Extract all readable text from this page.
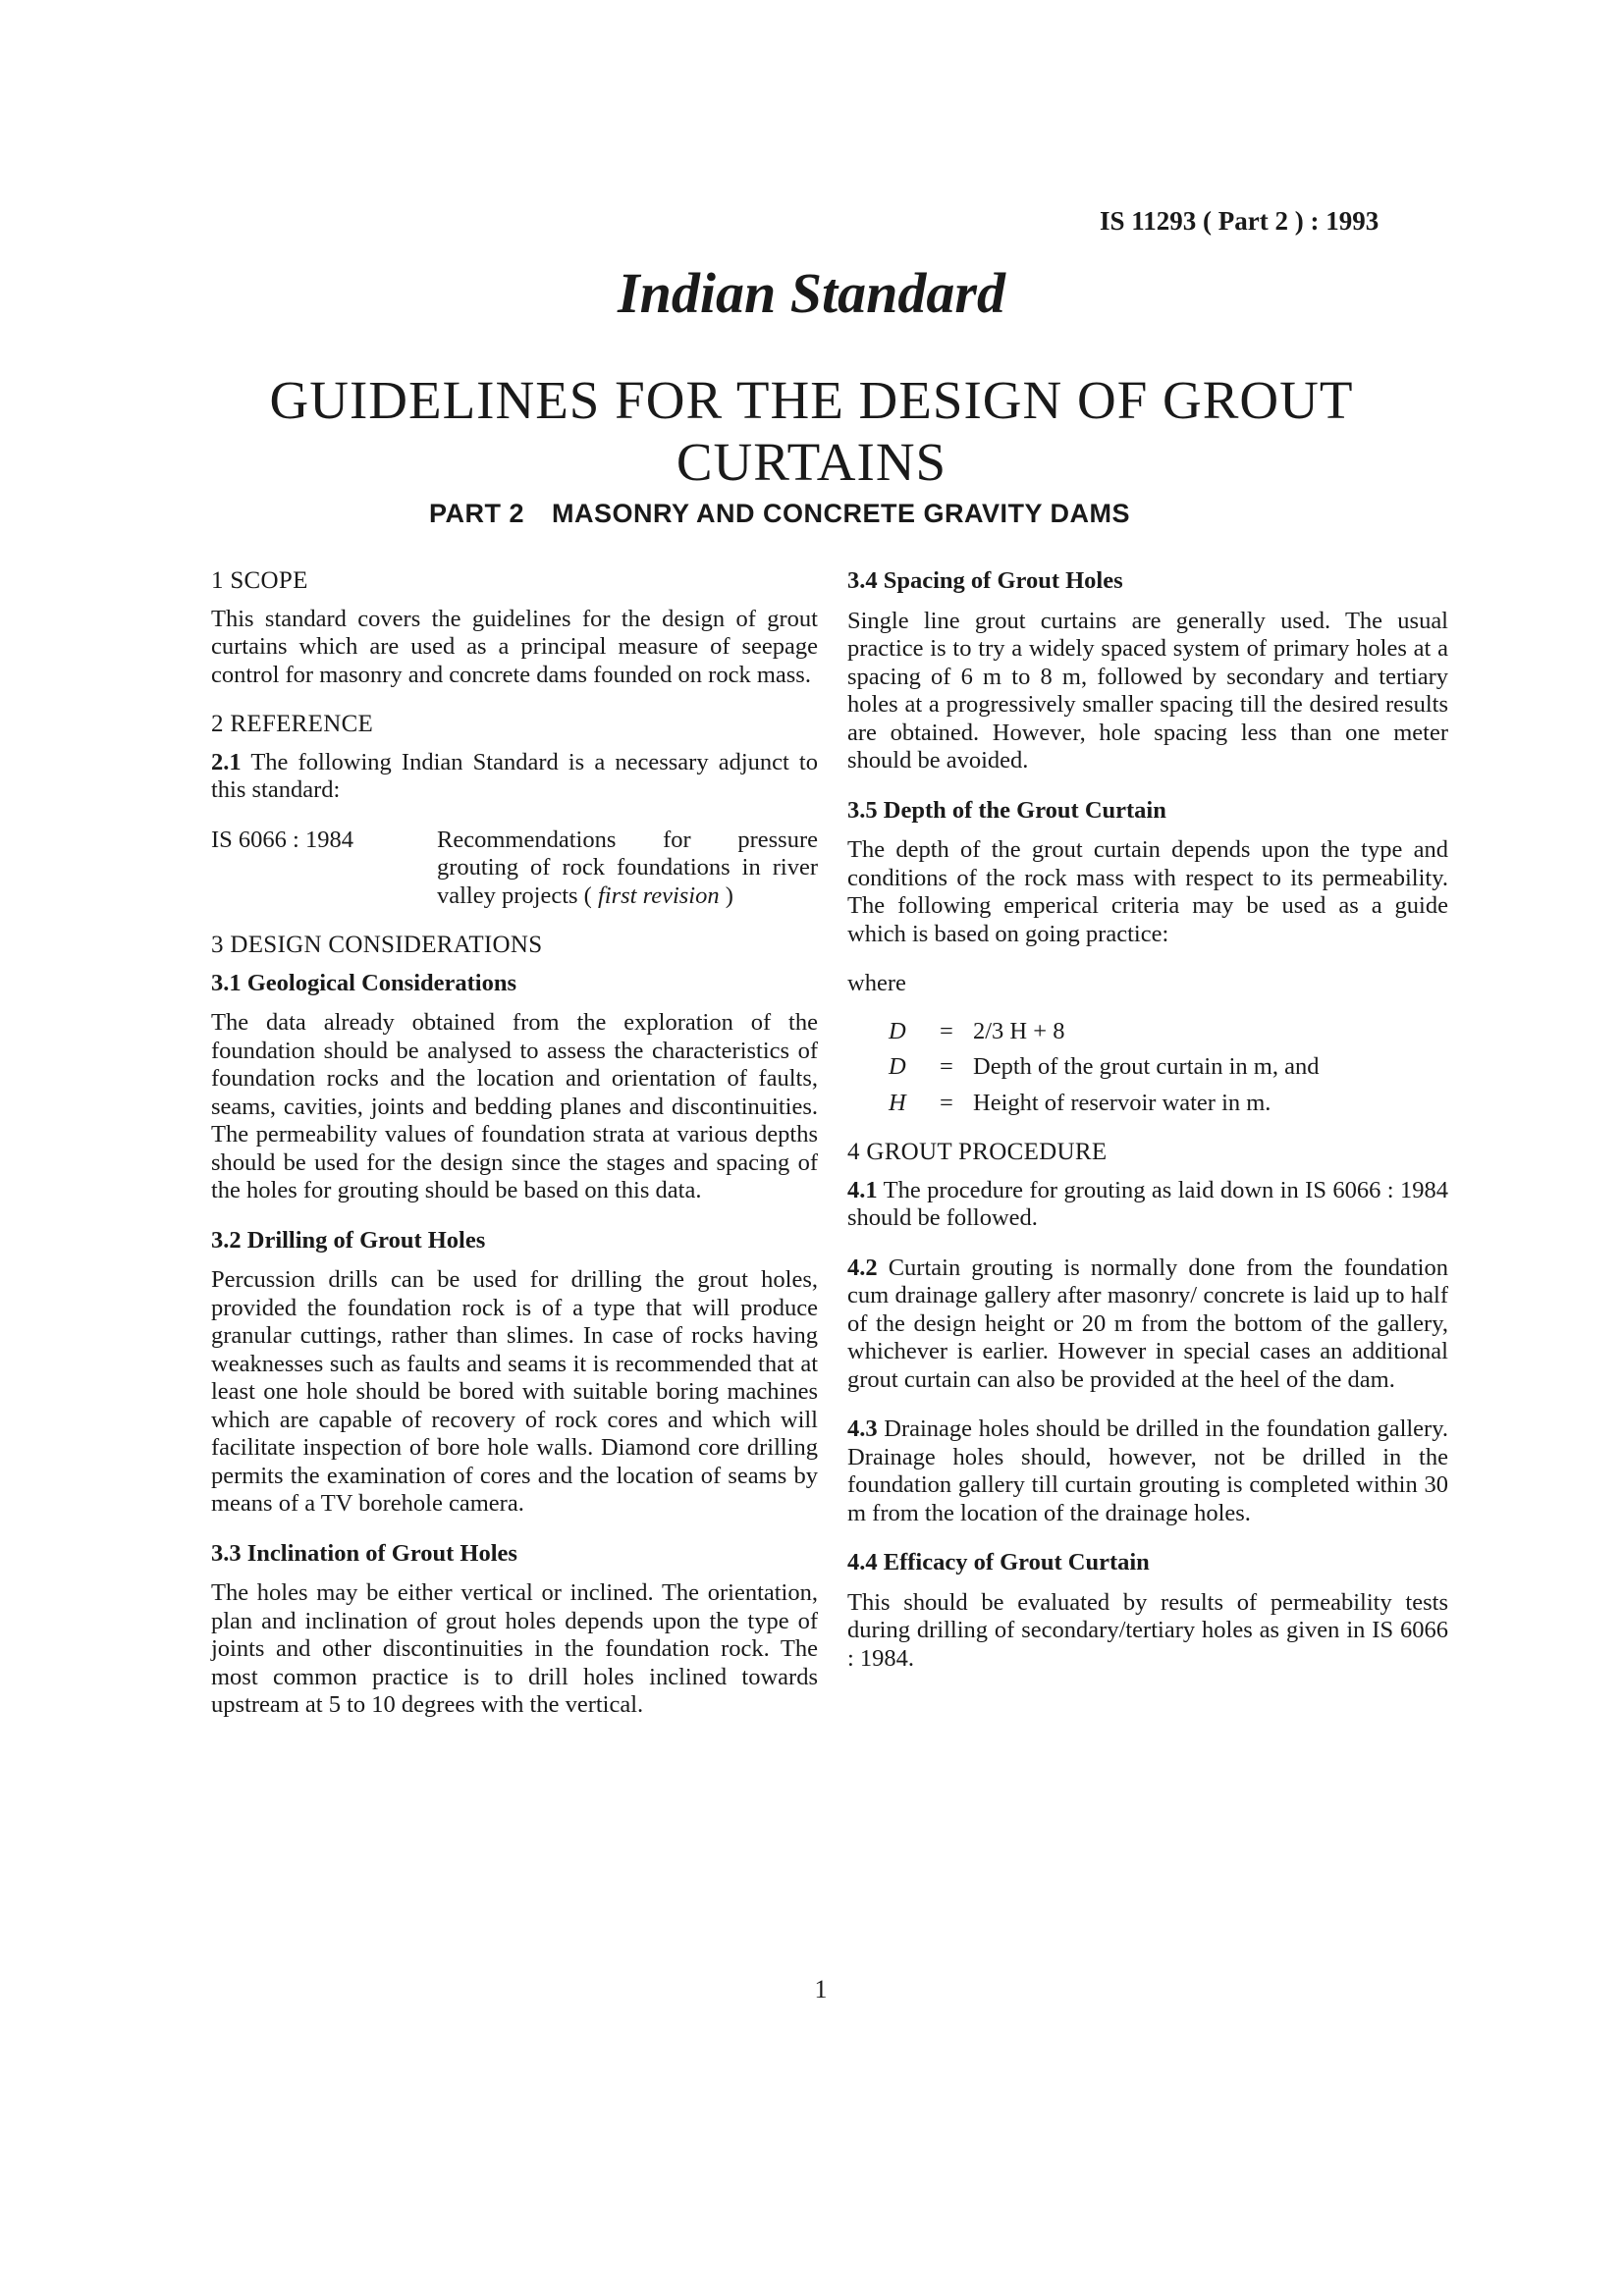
IS 11293 ( Part 2 ) : 1993
Indian Standard
GUIDELINES FOR THE DESIGN OF GROUT
CURTAINS
PART 2 MASONRY AND CONCRETE GRAVITY DAMS
1 SCOPE

This standard covers the guidelines for the design of grout curtains which are used as a principal measure of seepage control for masonry and concrete dams founded on rock mass.

2 REFERENCE

2.1 The following Indian Standard is a necessary adjunct to this standard:

IS 6066 : 1984	Recommendations for pressure grouting of rock foundations in river valley projects ( first revision )
3 DESIGN CONSIDERATIONS
3.1 Geological Considerations

The data already obtained from the exploration of the foundation should be analysed to assess the characteristics of foundation rocks and the location and orientation of faults, seams, cavities, joints and bedding planes and discontinuities. The permeability values of foundation strata at various depths should be used for the design since the stages and spacing of the holes for grouting should be based on this data.

3.2 Drilling of Grout Holes

Percussion drills can be used for drilling the grout holes, provided the foundation rock is of a type that will produce granular cuttings, rather than slimes. In case of rocks having weaknesses such as faults and seams it is recommended that at least one hole should be bored with suitable boring machines which are capable of recovery of rock cores and which will facilitate inspection of bore hole walls. Diamond core drilling permits the examination of cores and the location of seams by means of a TV borehole camera.

3.3 Inclination of Grout Holes

The holes may be either vertical or inclined. The orientation, plan and inclination of grout holes depends upon the type of joints and other discontinuities in the foundation rock. The most common practice is to drill holes inclined towards upstream at 5 to 10 degrees with the vertical.

3.4 Spacing of Grout Holes

Single line grout curtains are generally used. The usual practice is to try a widely spaced system of primary holes at a spacing of 6 m to 8 m, followed by secondary and tertiary holes at a progressively smaller spacing till the desired results are obtained. However, hole spacing less than one meter should be avoided.

3.5 Depth of the Grout Curtain

The depth of the grout curtain depends upon the type and conditions of the rock mass with respect to its permeability. The following emperical criteria may be used as a guide which is based on going practice:

where
D	= 2/3 H + 8
D	= Depth of the grout curtain in m, and
H	= Height of reservoir water in m.
4 GROUT PROCEDURE

4.1 The procedure for grouting as laid down in IS 6066 : 1984 should be followed.

4.2 Curtain grouting is normally done from the foundation cum drainage gallery after masonry/ concrete is laid up to half of the design height or 20 m from the bottom of the gallery, whichever is earlier. However in special cases an additional grout curtain can also be provided at the heel of the dam.

4.3 Drainage holes should be drilled in the foundation gallery. Drainage holes should, however, not be drilled in the foundation gallery till curtain grouting is completed within 30 m from the location of the drainage holes.

4.4 Efficacy of Grout Curtain

This should be evaluated by results of permeability tests during drilling of secondary/tertiary holes as given in IS 6066 : 1984.

1
